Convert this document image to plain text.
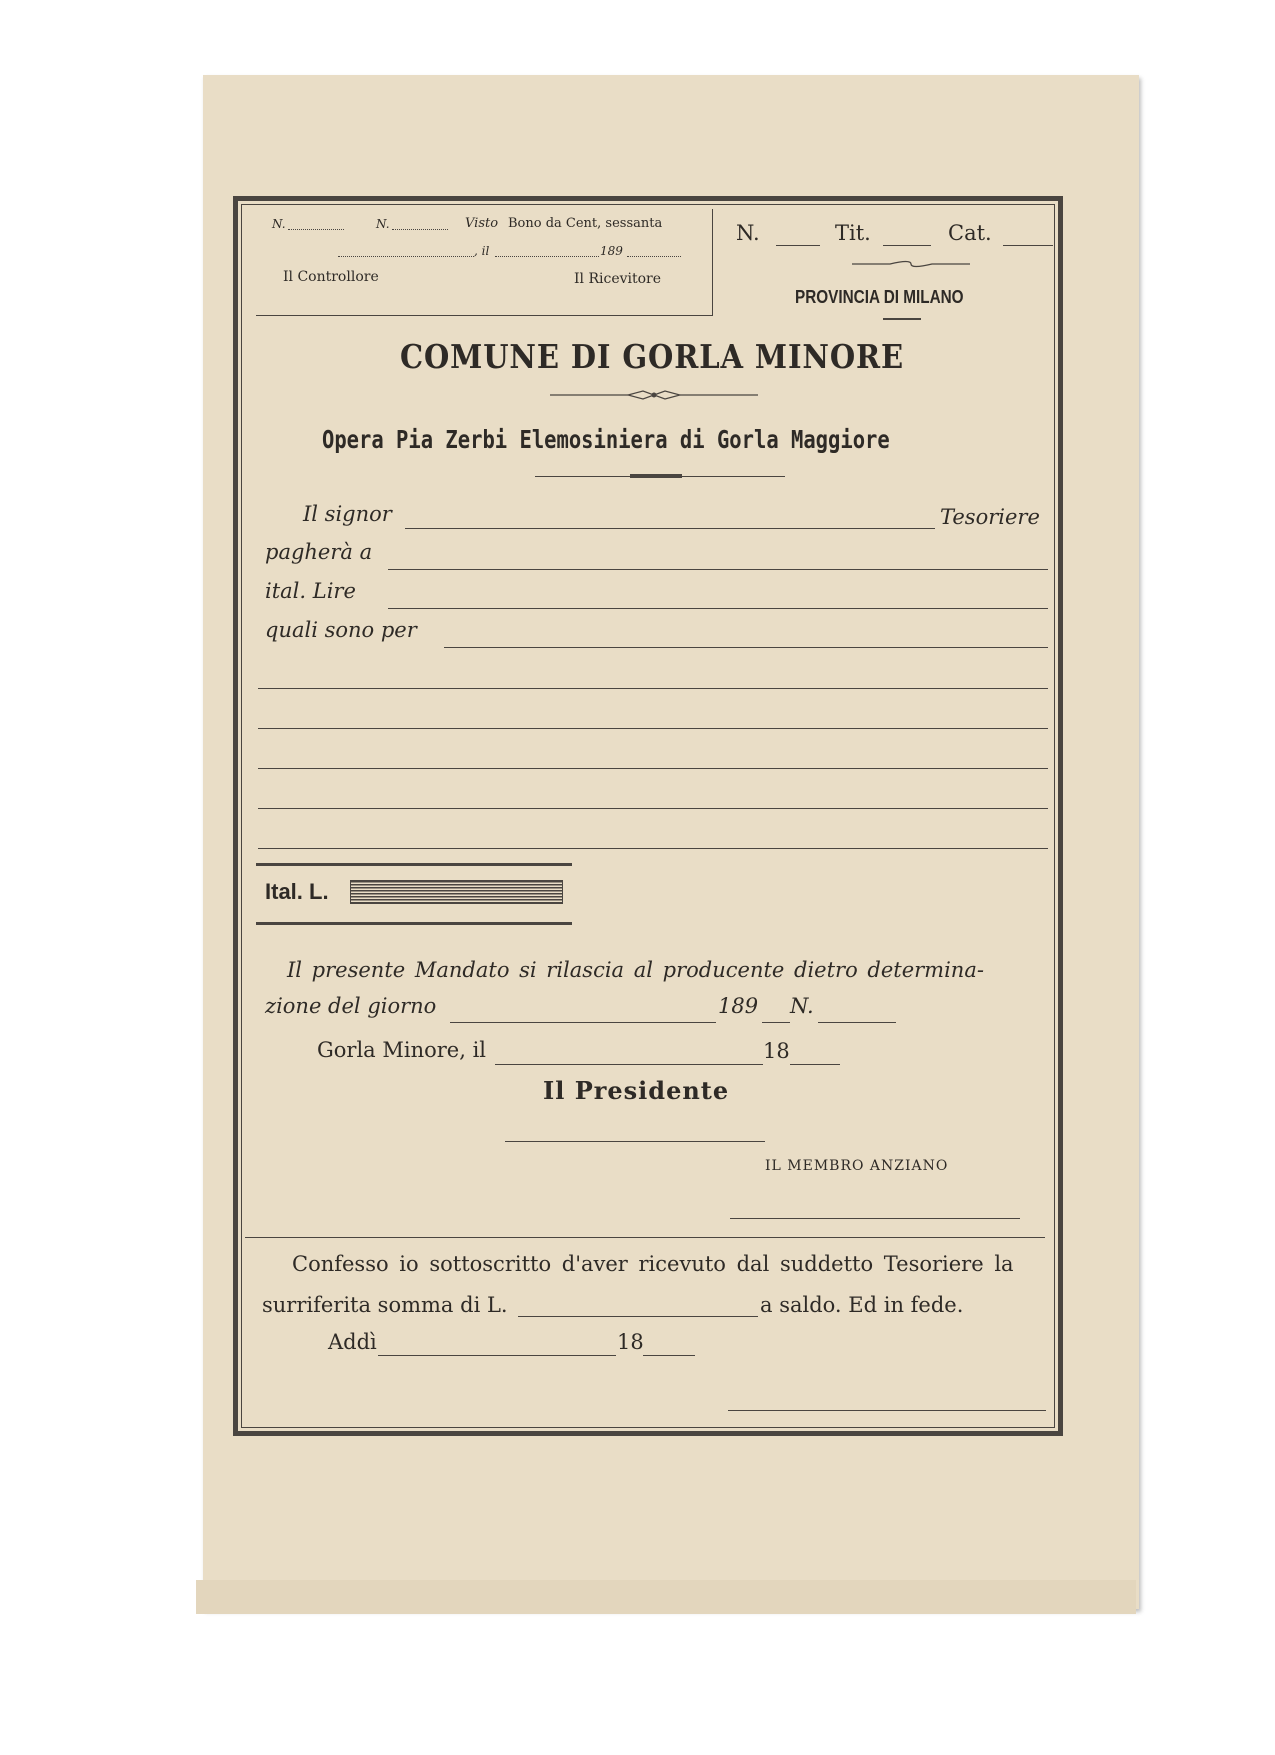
N.	N.	Visto Bono da Cent, sessanta
, il	189
Il Controllore	Il Ricevitore
N.	Tit.	Cat.
PROVINCIA DI MILANO
COMUNE DI GORLA MINORE
Opera Pia Zerbi Elemosiniera di Gorla Maggiore
Il signor	Tesoriere
pagherà a
ital. Lire
quali sono per
Ital. L.
Il presente Mandato si rilascia al producente dietro determina-
zione del giorno	189 N.
Gorla Minore, il	18
Il Presidente
IL MEMBRO ANZIANO
Confesso io sottoscritto d'aver ricevuto dal suddetto Tesoriere la
surriferita somma di L.	a saldo. Ed in fede.
Addì	18
